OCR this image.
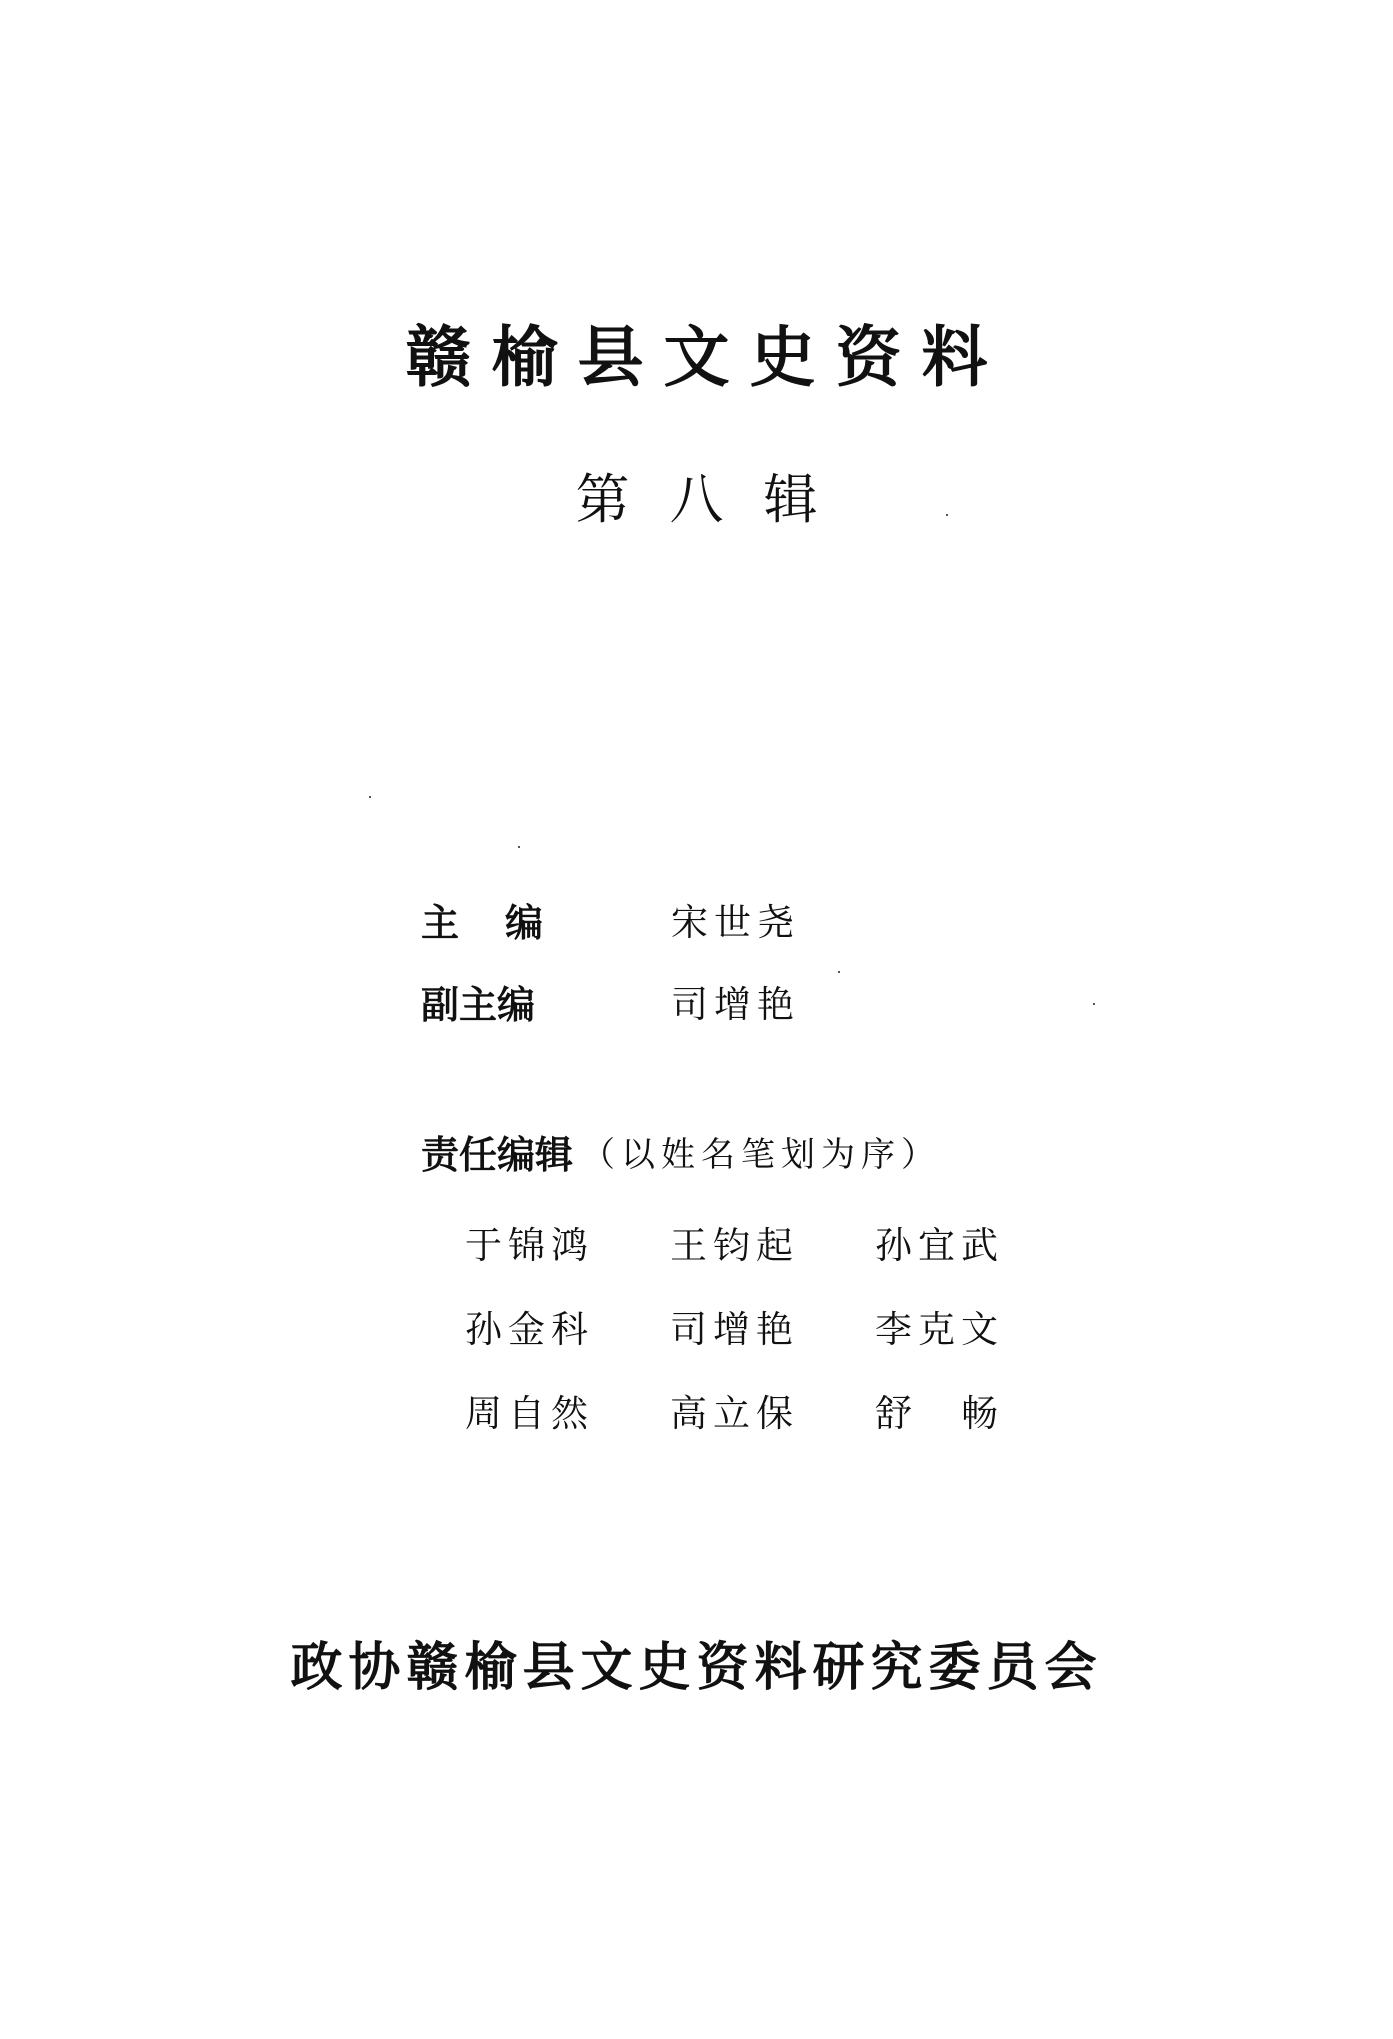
赣榆县文史资料
第八辑
主编	宋世尧
副主编	司增艳
责任编辑 （以姓名笔划为序）
于锦鸿	王钧起	孙宜武
孙金科	司增艳	李克文
周自然	高立保	舒　畅
政协赣榆县文史资料研究委员会
